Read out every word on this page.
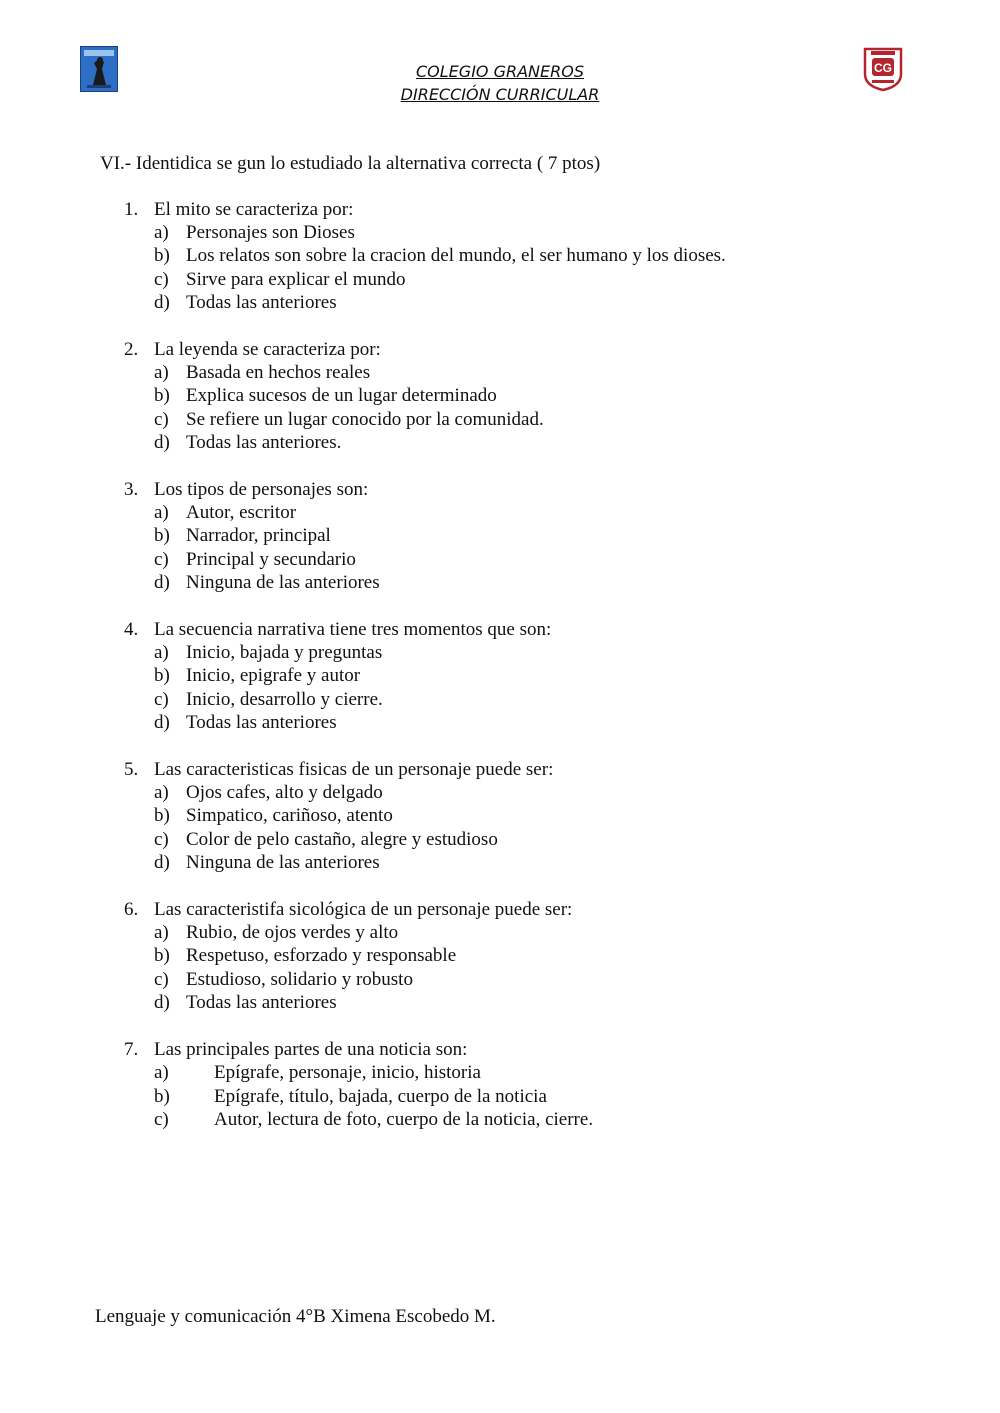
CG
COLEGIO GRANEROS
DIRECCIÓN CURRICULAR
VI.- Identidica se gun lo estudiado la alternativa correcta ( 7 ptos)
1. El mito se caracteriza por:
a) Personajes son Dioses
b) Los relatos son sobre la cracion del mundo, el ser humano y los dioses.
c) Sirve para explicar el mundo
d) Todas las anteriores
2. La leyenda se caracteriza por:
a) Basada en hechos reales
b) Explica sucesos de un lugar determinado
c) Se refiere un lugar conocido por la comunidad.
d) Todas las anteriores.
3. Los tipos de personajes son:
a) Autor, escritor
b) Narrador, principal
c) Principal y secundario
d) Ninguna de las anteriores
4. La secuencia narrativa tiene tres momentos que son:
a) Inicio, bajada y preguntas
b) Inicio, epigrafe y autor
c) Inicio, desarrollo y cierre.
d) Todas las anteriores
5. Las caracteristicas fisicas de un personaje puede ser:
a) Ojos cafes, alto y delgado
b) Simpatico, cariñoso, atento
c) Color de pelo castaño, alegre y estudioso
d) Ninguna de las anteriores
6. Las caracteristifa sicológica de un personaje puede ser:
a) Rubio, de ojos verdes y alto
b) Respetuso, esforzado y responsable
c) Estudioso, solidario y robusto
d) Todas las anteriores
7. Las principales partes de una noticia son:
a) Epígrafe, personaje, inicio, historia
b) Epígrafe, título, bajada, cuerpo de la noticia
c) Autor, lectura de foto, cuerpo de la noticia, cierre.
Lenguaje y comunicación 4°B Ximena Escobedo M.
